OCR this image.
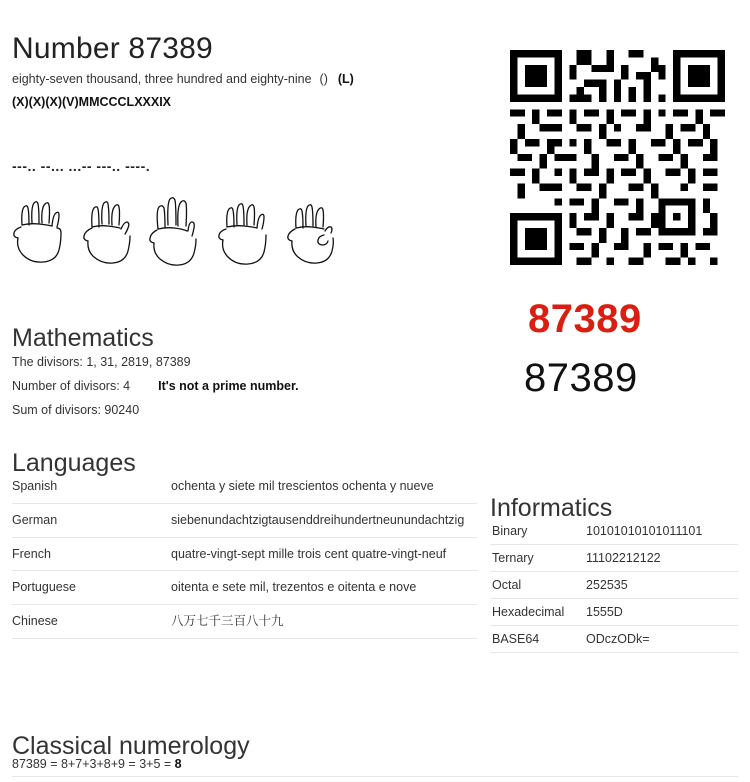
Number 87389
eighty-seven thousand, three hundred and eighty-nine () (L)
(X)(X)(X)(V)MMCCCLXXXIX
---.. --... ...-- ---.. ----.
87389
87389
Mathematics
The divisors: 1, 31, 2819, 87389
Number of divisors: 4 It's not a prime number.
Sum of divisors: 90240
Languages
Spanish	ochenta y siete mil trescientos ochenta y nueve
German	siebenundachtzigtausenddreihundertneunundachtzig
French	quatre-vingt-sept mille trois cent quatre-vingt-neuf
Portuguese	oitenta e sete mil, trezentos e oitenta e nove
Chinese	八万七千三百八十九
Informatics
Binary	10101010101011101
Ternary	11102212122
Octal	252535
Hexadecimal	1555D
BASE64	ODczODk=
Classical numerology
87389 = 8+7+3+8+9 = 3+5 = 8
